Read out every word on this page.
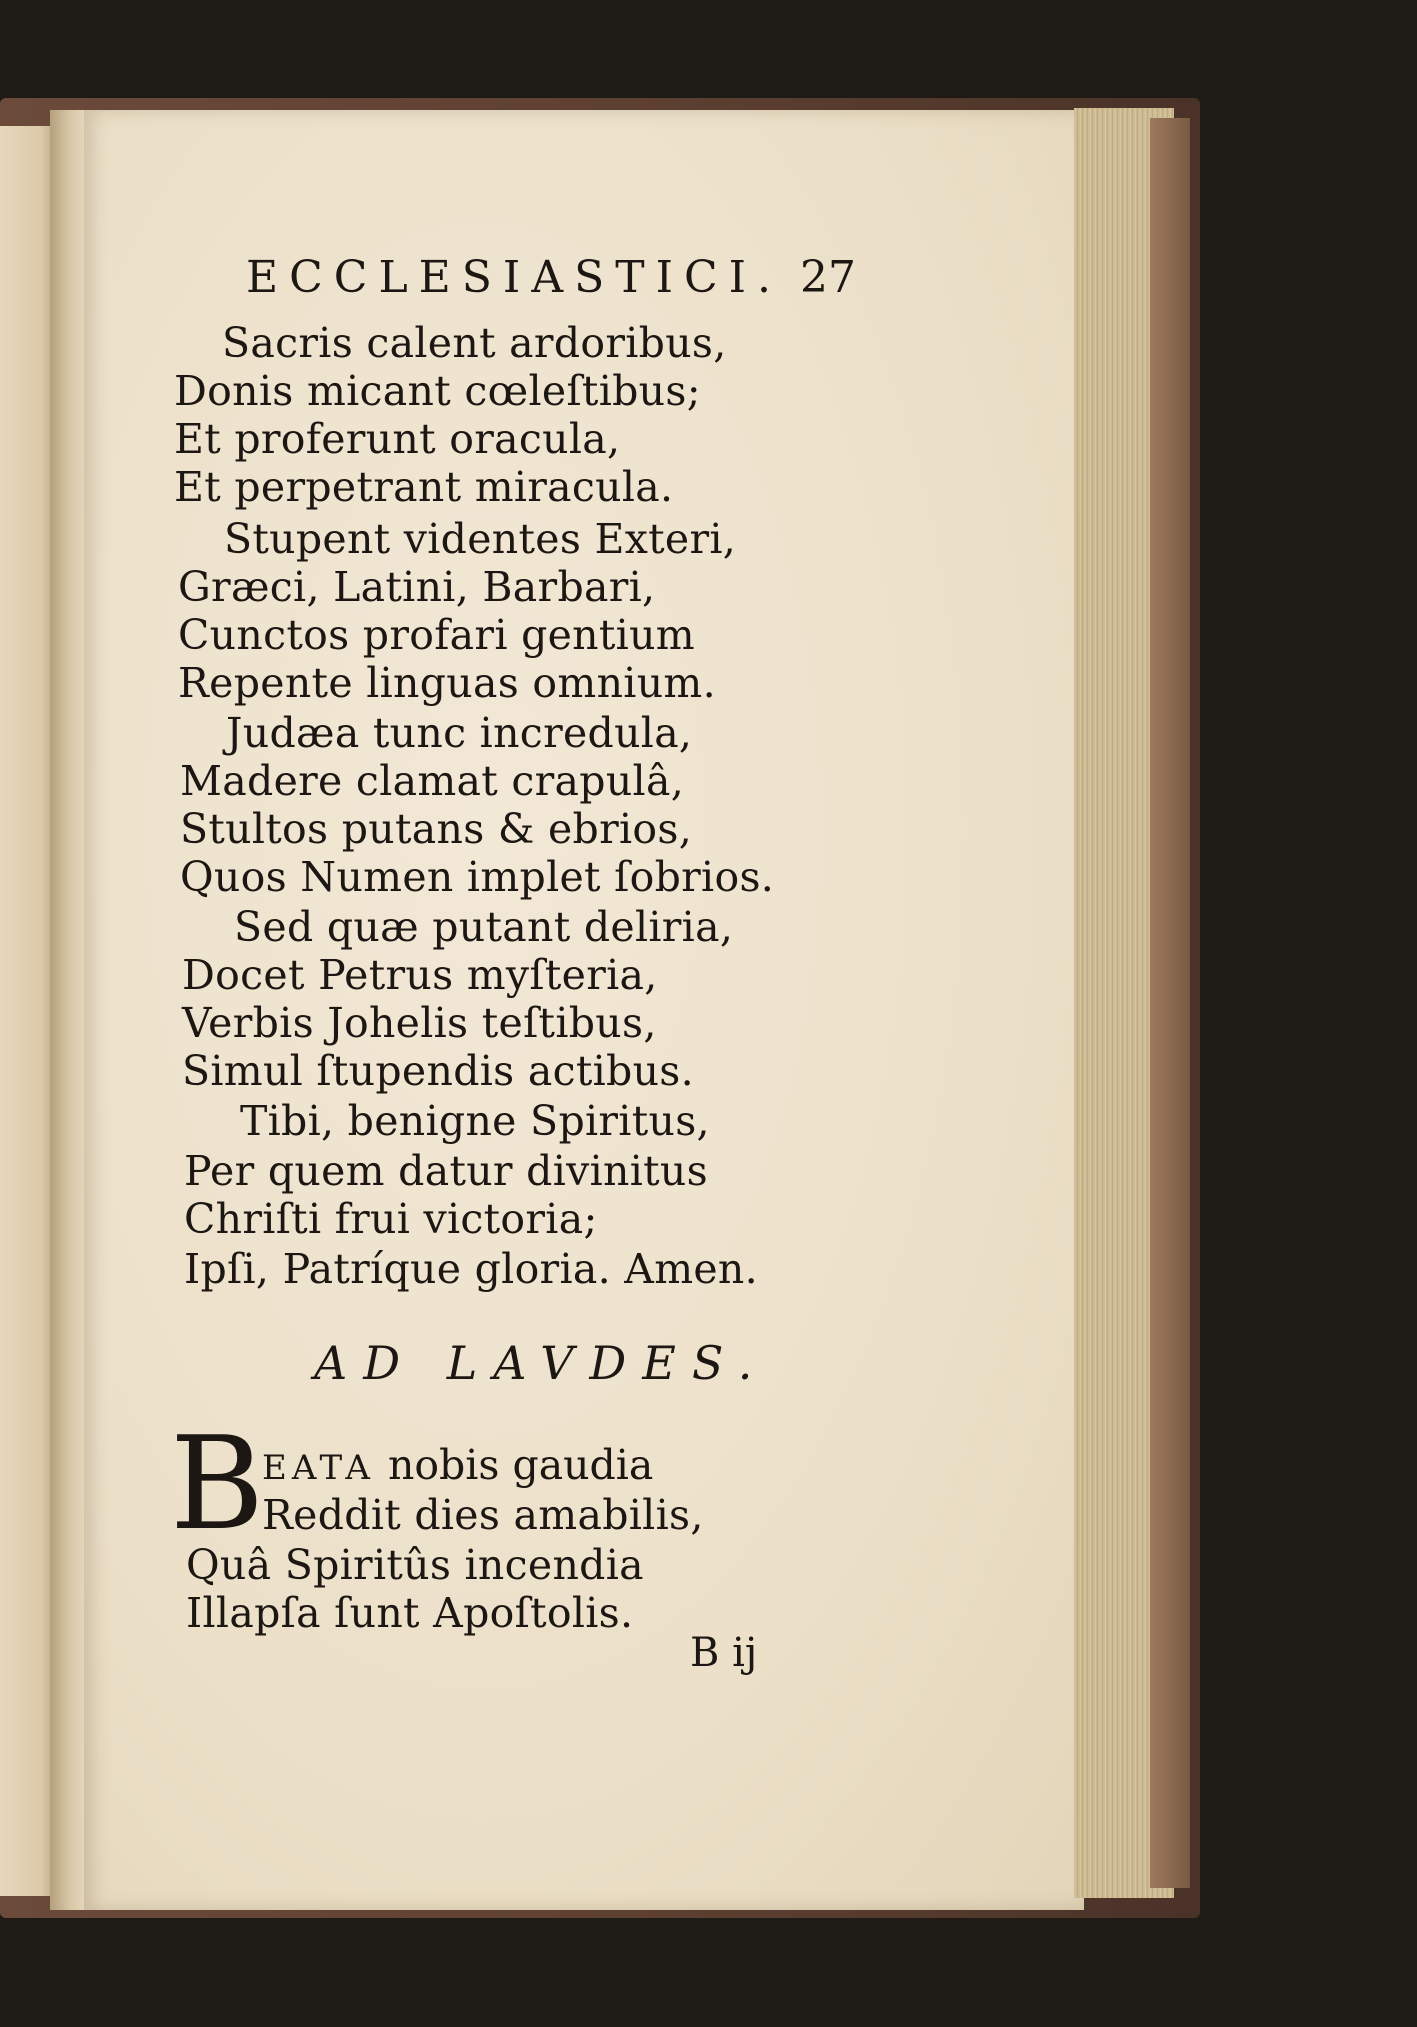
ECCLESIASTICI. 27
Sacris calent ardoribus,
Donis micant cœleſtibus;
Et proferunt oracula,
Et perpetrant miracula.
Stupent videntes Exteri,
Græci, Latini, Barbari,
Cunctos profari gentium
Repente linguas omnium.
Judæa tunc incredula,
Madere clamat crapulâ,
Stultos putans & ebrios,
Quos Numen implet ſobrios.
Sed quæ putant deliria,
Docet Petrus myſteria,
Verbis Johelis teſtibus,
Simul ſtupendis actibus.
Tibi, benigne Spiritus,
Per quem datur divinitus
Chriſti frui victoria;
Ipſi, Patríque gloria. Amen.
AD LAVDES.
B
EATA nobis gaudia
Reddit dies amabilis,
Quâ Spiritûs incendia
Illapſa ſunt Apoſtolis.
B ij
